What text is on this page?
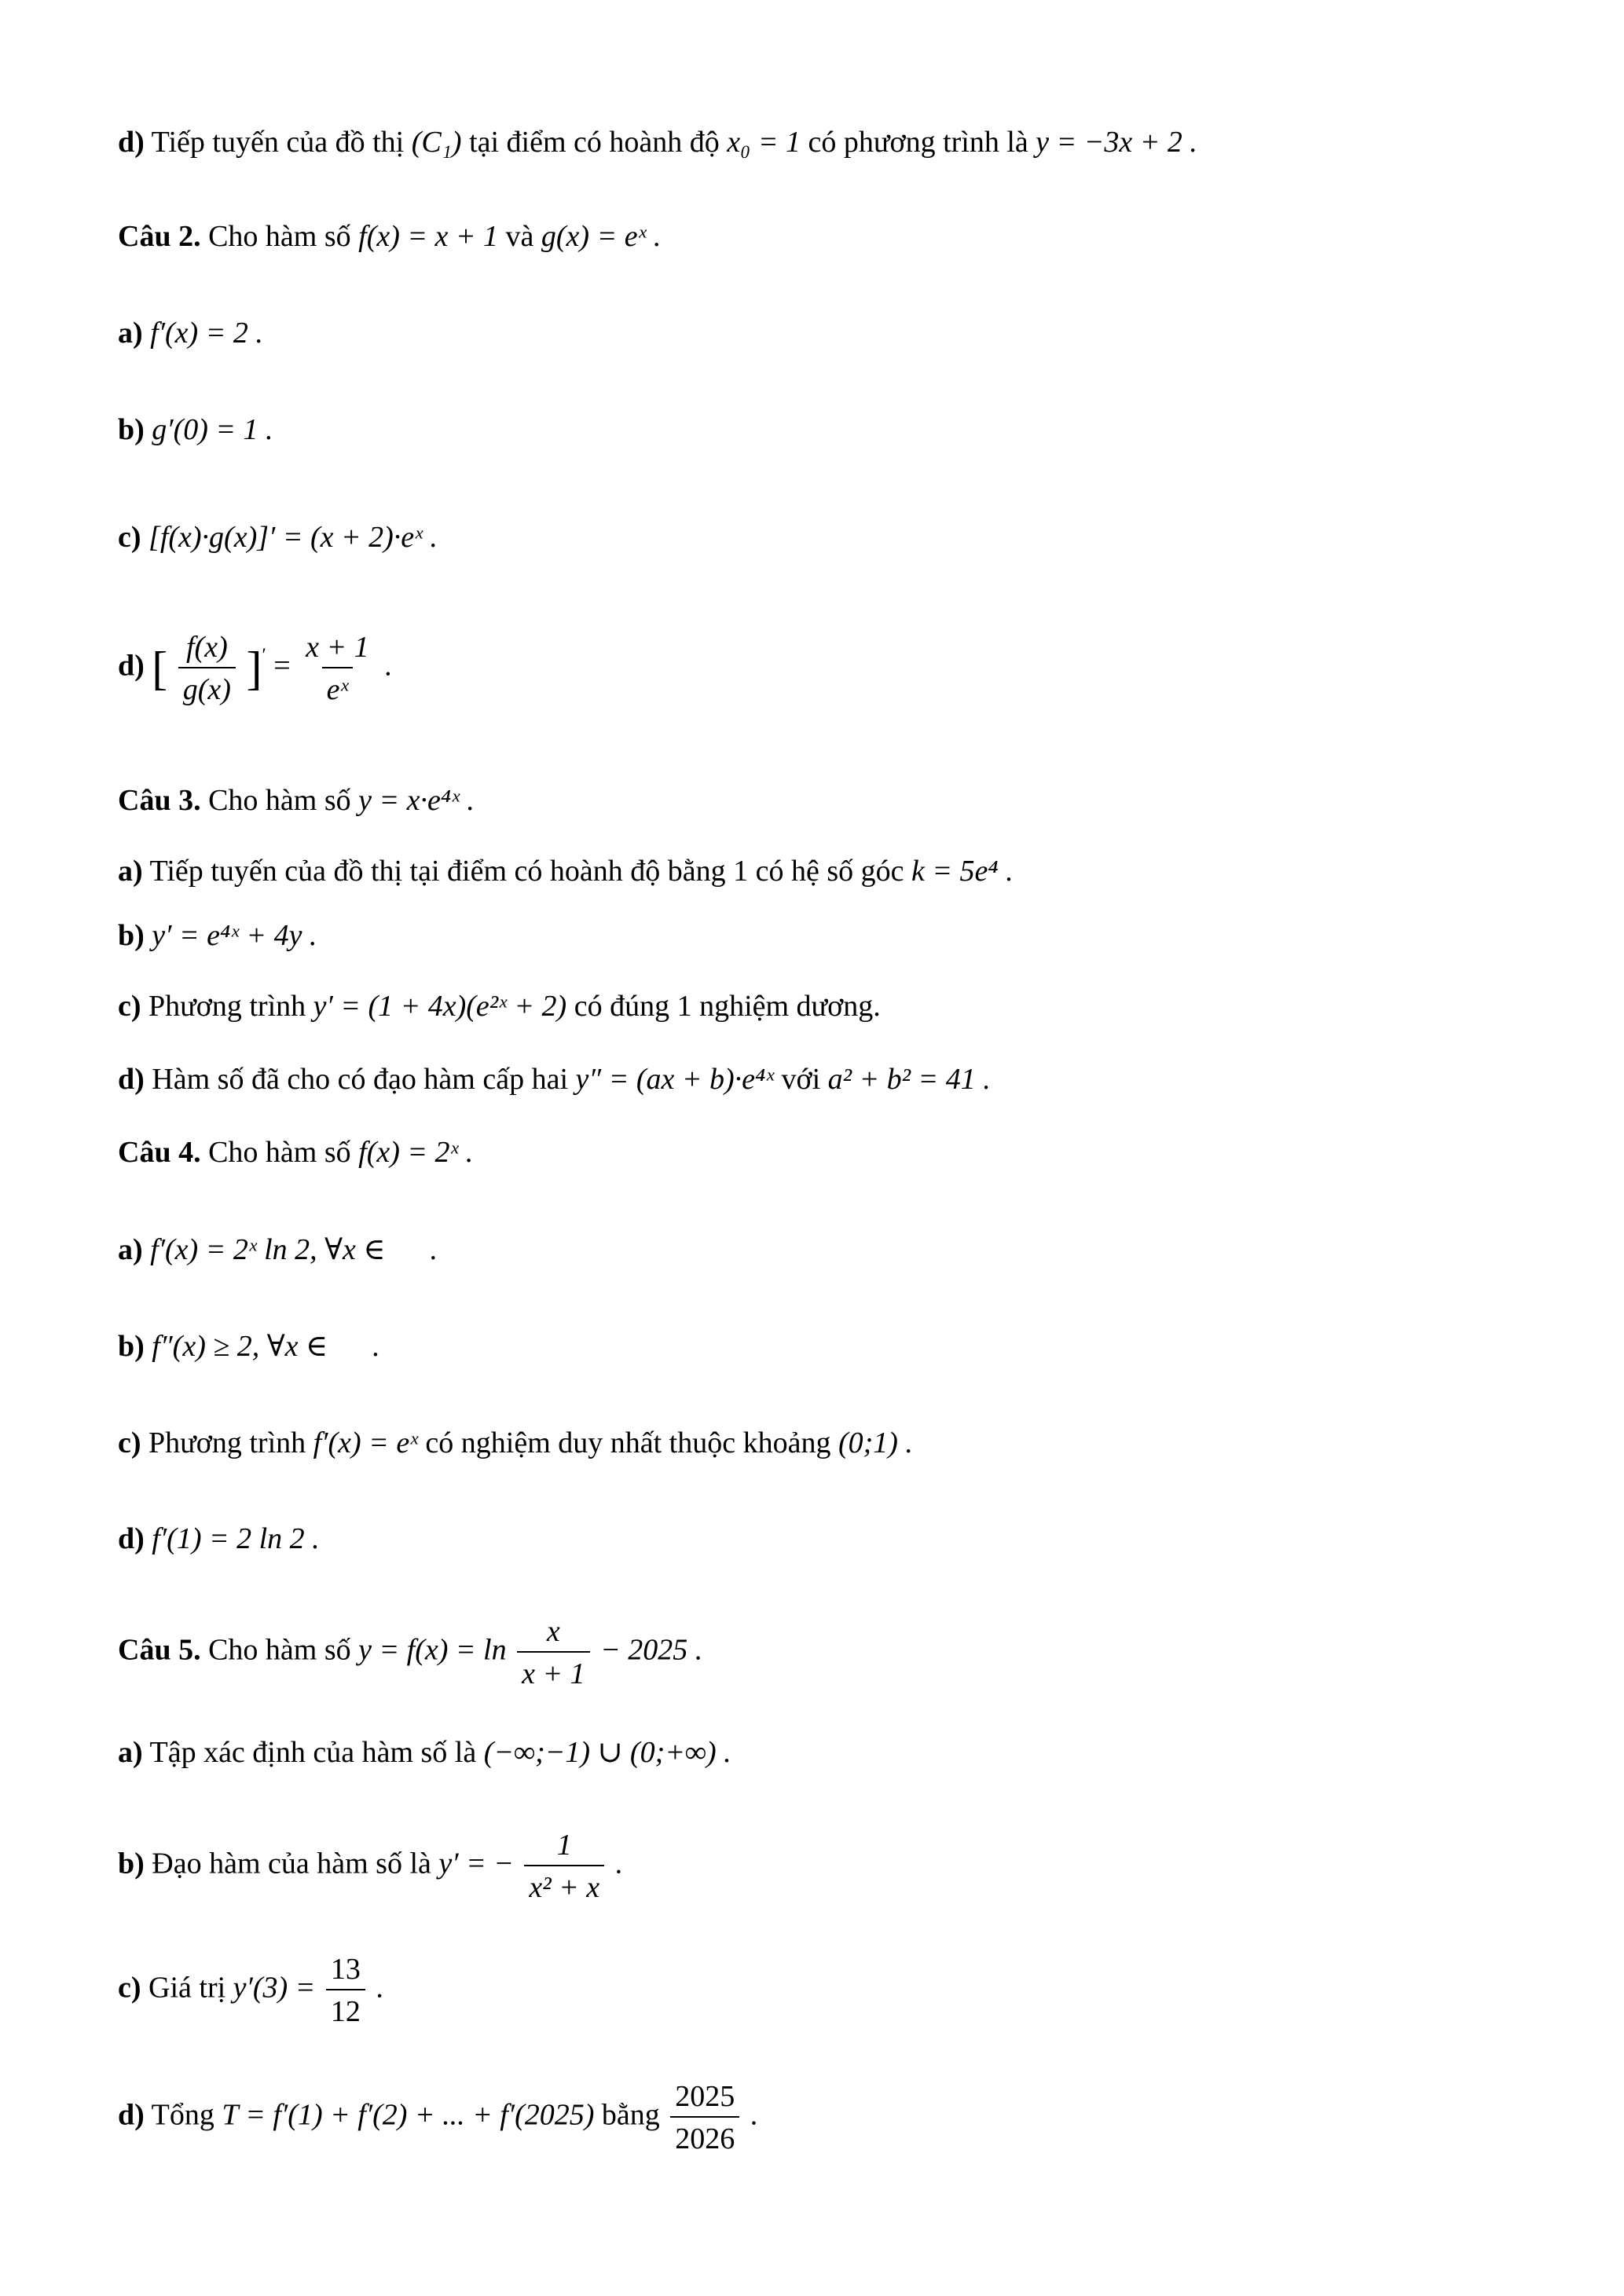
d) Tiếp tuyến của đồ thị (C₁) tại điểm có hoành độ x₀ = 1 có phương trình là y = −3x + 2 .
Câu 2. Cho hàm số f(x) = x + 1 và g(x) = eˣ .
a) f′(x) = 2 .
b) g′(0) = 1 .
c) [f(x)·g(x)]′ = (x + 2)·eˣ .
d) [ $\frac{f(x)}{g(x)} ]' = \frac{x + 1}{\text{eˣ}}$ .
Câu 3. Cho hàm số y = x·e⁴ˣ .
a) Tiếp tuyến của đồ thị tại điểm có hoành độ bằng 1 có hệ số góc k = 5e⁴ .
b) y′ = e⁴ˣ + 4y .
c) Phương trình y′ = (1 + 4x)(e²ˣ + 2) có đúng 1 nghiệm dương.
d) Hàm số đã cho có đạo hàm cấp hai y″ = (ax + b)·e⁴ˣ với a² + b² = 41 .
Câu 4. Cho hàm số f(x) = 2ˣ .
a) f′(x) = 2ˣ ln 2, ∀x ∈      .
b) f″(x) ≥ 2, ∀x ∈      .
c) Phương trình f′(x) = eˣ có nghiệm duy nhất thuộc khoảng (0;1) .
d) f′(1) = 2 ln 2 .
Câu 5. Cho hàm số $y = f(x) = \ln \frac{x}{x + 1} - 2025$ .
a) Tập xác định của hàm số là (−∞;−1) ∪ (0;+∞) .
b) Đạo hàm của hàm số là y′ = − $\frac{1}{\text{x² + x}}$ .
c) Giá trị $y'(3) = \frac{13}{12}$ .
d) Tổng T = f′(1) + f′(2) + ... + f′(2025) bằng $\frac{2025}{2026}$ .
